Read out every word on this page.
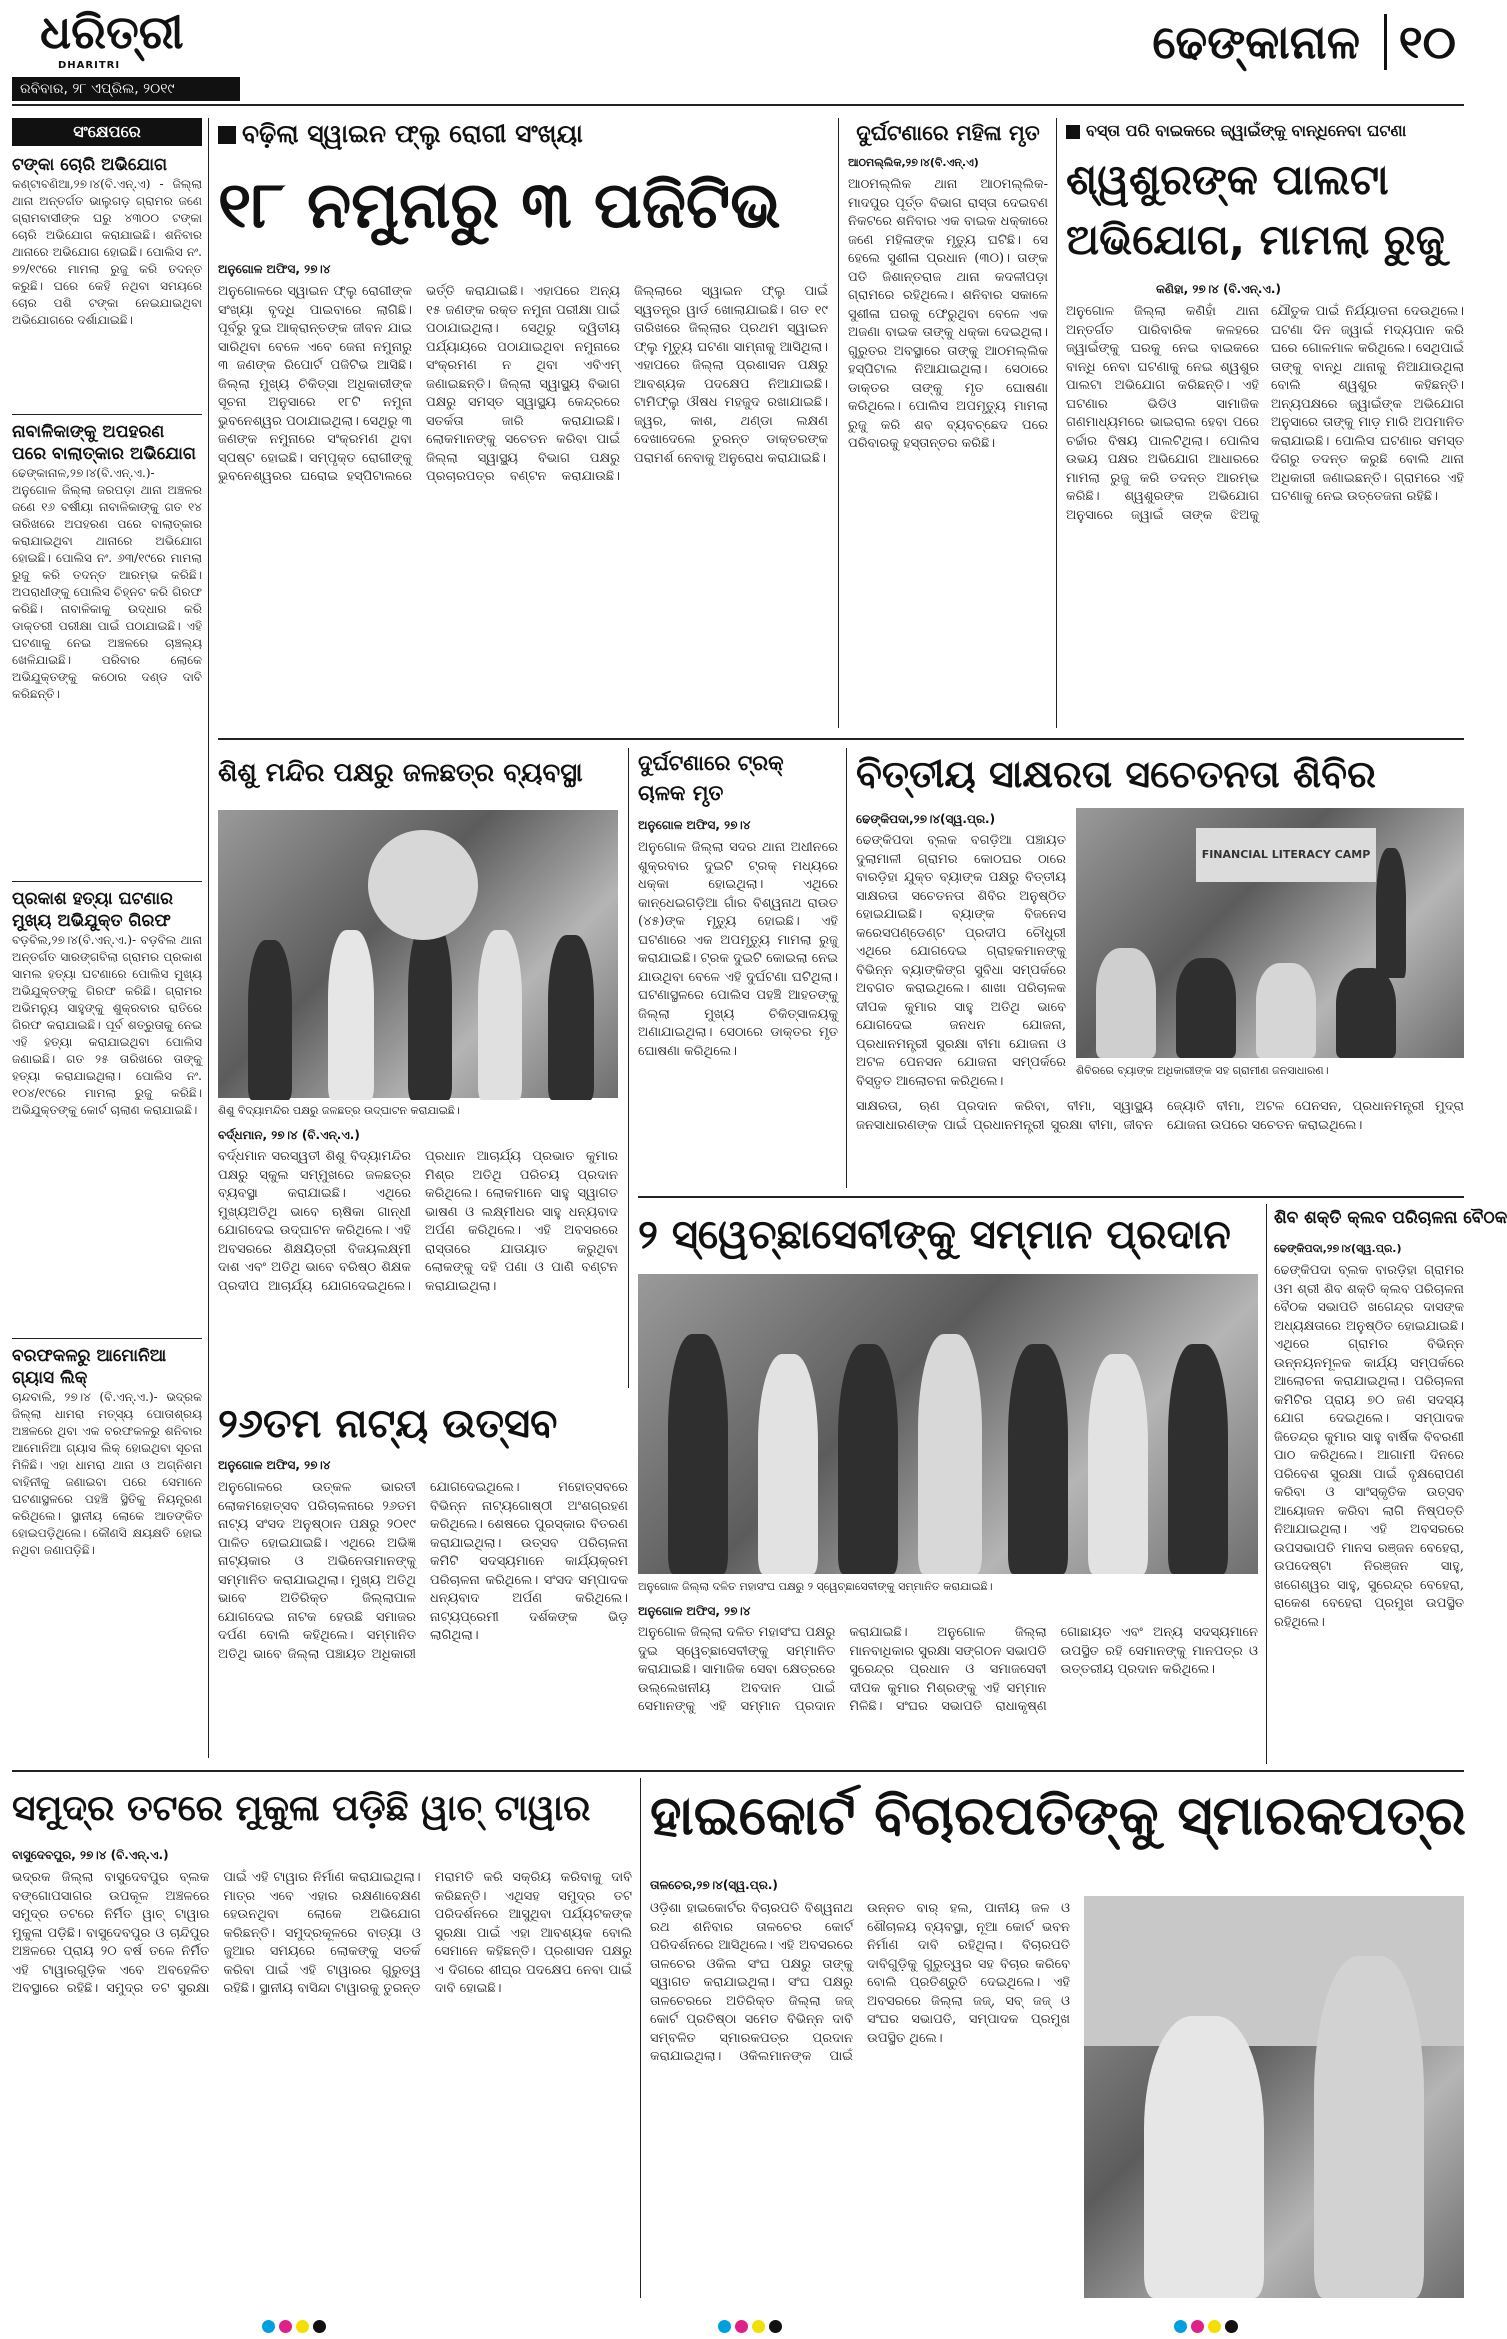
ଧରିତ୍ରୀ
DHARITRI
ରବିବାର, ୨୮ ଏପ୍ରିଲ, ୨୦୧୯
ଢେଙ୍କାନାଳ ୧୦
ସଂକ୍ଷେପରେ
ଟଙ୍କା ଚୋରି ଅଭିଯୋଗ
କଣ୍ଟାବଣିଆ,୨୭।୪(ବି.ଏନ୍.ଏ) - ଜିଲ୍ଲା ଥାନା ଅନ୍ତର୍ଗତ ଭାଲୁଗଡ଼ ଗ୍ରାମର ଜଣେ ଗ୍ରାମବାସୀଙ୍କ ଘରୁ ୪୩୦୦ ଟଙ୍କା ଚୋରି ଅଭିଯୋଗ କରାଯାଇଛି। ଶନିବାର ଥାନାରେ ଅଭିଯୋଗ ହୋଇଛି। ପୋଲିସ ନଂ. ୭୨/୧୯ରେ ମାମଲା ରୁଜୁ କରି ତଦନ୍ତ କରୁଛି। ଘରେ କେହି ନଥିବା ସମୟରେ ଚୋର ପଶି ଟଙ୍କା ନେଇଯାଇଥିବା ଅଭିଯୋଗରେ ଦର୍ଶାଯାଇଛି।
ନାବାଳିକାଙ୍କୁ ଅପହରଣ ପରେ ବାଲାତ୍କାର ଅଭିଯୋଗ
ଢେଙ୍କାନାଳ,୨୭।୪(ବି.ଏନ୍.ଏ.)- ଅନୁଗୋଳ ଜିଲ୍ଲା ଜରପଡ଼ା ଥାନା ଅଞ୍ଚଳର ଜଣେ ୧୬ ବର୍ଷୀୟା ନାବାଳିକାଙ୍କୁ ଗତ ୧୪ ତାରିଖରେ ଅପହରଣ ପରେ ବାଲାତ୍କାର କରାଯାଇଥିବା ଥାନାରେ ଅଭିଯୋଗ ହୋଇଛି। ପୋଲିସ ନଂ. ୬୩/୧୯ରେ ମାମଲା ରୁଜୁ କରି ତଦନ୍ତ ଆରମ୍ଭ କରିଛି। ଅପରାଧୀଙ୍କୁ ପୋଲିସ ଚିହ୍ନଟ କରି ଗିରଫ କରିଛି। ନାବାଳିକାକୁ ଉଦ୍ଧାର କରି ଡାକ୍ତରୀ ପରୀକ୍ଷା ପାଇଁ ପଠାଯାଇଛି। ଏହି ଘଟଣାକୁ ନେଇ ଅଞ୍ଚଳରେ ଚାଞ୍ଚଲ୍ୟ ଖେଳିଯାଇଛି। ପରିବାର ଲୋକେ ଅଭିଯୁକ୍ତଙ୍କୁ କଠୋର ଦଣ୍ଡ ଦାବି କରିଛନ୍ତି।
ପ୍ରକାଶ ହତ୍ୟା ଘଟଣାର ମୁଖ୍ୟ ଅଭିଯୁକ୍ତ ଗିରଫ
ବଡ଼ବିଲ,୨୭।୪(ବି.ଏନ୍.ଏ.)- ବଡ଼ବିଲ ଥାନା ଅନ୍ତର୍ଗତ ସାରଙ୍ଗବିଲା ଗ୍ରାମର ପ୍ରକାଶ ସାମଲ ହତ୍ୟା ଘଟଣାରେ ପୋଲିସ ମୁଖ୍ୟ ଅଭିଯୁକ୍ତଙ୍କୁ ଗିରଫ କରିଛି। ଗ୍ରାମର ଅଭିମନ୍ୟୁ ସାହୁଙ୍କୁ ଶୁକ୍ରବାର ରାତିରେ ଗିରଫ କରାଯାଇଛି। ପୂର୍ବ ଶତ୍ରୁତାକୁ ନେଇ ଏହି ହତ୍ୟା କରାଯାଇଥିବା ପୋଲିସ ଜଣାଇଛି। ଗତ ୨୫ ତାରିଖରେ ତାଙ୍କୁ ହତ୍ୟା କରାଯାଇଥିଲା। ପୋଲିସ ନଂ. ୧୦୪/୧୯ରେ ମାମଲା ରୁଜୁ କରିଛି। ଅଭିଯୁକ୍ତଙ୍କୁ କୋର୍ଟ ଚାଲାଣ କରାଯାଇଛି।
ବରଫକଳରୁ ଆମୋନିଆ ଗ୍ୟାସ ଲିକ୍
ଚାନ୍ଦବାଲି, ୨୭।୪ (ବି.ଏନ୍.ଏ.)- ଭଦ୍ରକ ଜିଲ୍ଲା ଧାମରା ମତ୍ସ୍ୟ ପୋତାଶ୍ରୟ ଅଞ୍ଚଳରେ ଥିବା ଏକ ବରଫକଳରୁ ଶନିବାର ଆମୋନିଆ ଗ୍ୟାସ ଲିକ୍ ହୋଇଥିବା ସୂଚନା ମିଳିଛି। ଏହା ଧାମରା ଥାନା ଓ ଅଗ୍ନିଶମ ବାହିନୀକୁ ଜଣାଇବା ପରେ ସେମାନେ ଘଟଣାସ୍ଥଳରେ ପହଞ୍ଚି ସ୍ଥିତିକୁ ନିୟନ୍ତ୍ରଣ କରିଥିଲେ। ସ୍ଥାନୀୟ ଲୋକେ ଆତଙ୍କିତ ହୋଇପଡ଼ିଥିଲେ। କୌଣସି କ୍ଷୟକ୍ଷତି ହୋଇ ନଥିବା ଜଣାପଡ଼ିଛି।
ବଢ଼ିଲା ସ୍ୱାଇନ ଫ୍ଲୁ ରୋଗୀ ସଂଖ୍ୟା
୧୮ ନମୁନାରୁ ୩ ପଜିଟିଭ
ଅନୁଗୋଳ ଅଫିସ, ୨୭।୪
ଅନୁଗୋଳରେ ସ୍ୱାଇନ ଫ୍ଲୁ ରୋଗୀଙ୍କ ସଂଖ୍ୟା ବୃଦ୍ଧି ପାଇବାରେ ଲାଗିଛି। ପୂର୍ବରୁ ଦୁଇ ଆକ୍ରାନ୍ତଙ୍କ ଜୀବନ ଯାଇ ସାରିଥିବା ବେଳେ ଏବେ ଜେନା ନମୁନାରୁ ୩ ଜଣଙ୍କ ରିପୋର୍ଟ ପଜିଟିଭ ଆସିଛି। ଜିଲ୍ଲା ମୁଖ୍ୟ ଚିକିତ୍ସା ଅଧିକାରୀଙ୍କ ସୂଚନା ଅନୁସାରେ ୧୮ଟି ନମୁନା ଭୁବନେଶ୍ୱର ପଠାଯାଇଥିଲା। ସେଥିରୁ ୩ ଜଣଙ୍କ ନମୁନାରେ ସଂକ୍ରମଣ ଥିବା ସ୍ପଷ୍ଟ ହୋଇଛି। ସମ୍ପୃକ୍ତ ରୋଗୀଙ୍କୁ ଭୁବନେଶ୍ୱରର ଘରୋଇ ହସ୍ପିଟାଲରେ ଭର୍ତ୍ତି କରାଯାଇଛି। ଏହାପରେ ଅନ୍ୟ ୧୫ ଜଣଙ୍କ ରକ୍ତ ନମୁନା ପରୀକ୍ଷା ପାଇଁ ପଠାଯାଇଥିଲା। ସେଥିରୁ ଦ୍ୱିତୀୟ ପର୍ଯ୍ୟାୟରେ ପଠାଯାଇଥିବା ନମୁନାରେ ସଂକ୍ରମଣ ନ ଥିବା ଏବିଏମ୍ ଜଣାଇଛନ୍ତି। ଜିଲ୍ଲା ସ୍ୱାସ୍ଥ୍ୟ ବିଭାଗ ପକ୍ଷରୁ ସମସ୍ତ ସ୍ୱାସ୍ଥ୍ୟ କେନ୍ଦ୍ରରେ ସତର୍କତା ଜାରି କରାଯାଇଛି। ଲୋକମାନଙ୍କୁ ସଚେତନ କରିବା ପାଇଁ ଜିଲ୍ଲା ସ୍ୱାସ୍ଥ୍ୟ ବିଭାଗ ପକ୍ଷରୁ ପ୍ରଚାରପତ୍ର ବଣ୍ଟନ କରାଯାଉଛି। ଜିଲ୍ଲାରେ ସ୍ୱାଇନ ଫ୍ଲୁ ପାଇଁ ସ୍ୱତନ୍ତ୍ର ୱାର୍ଡ ଖୋଲାଯାଇଛି। ଗତ ୧୯ ତାରିଖରେ ଜିଲ୍ଲାର ପ୍ରଥମ ସ୍ୱାଇନ ଫ୍ଲୁ ମୃତ୍ୟୁ ଘଟଣା ସାମ୍ନାକୁ ଆସିଥିଲା। ଏହାପରେ ଜିଲ୍ଲା ପ୍ରଶାସନ ପକ୍ଷରୁ ଆବଶ୍ୟକ ପଦକ୍ଷେପ ନିଆଯାଇଛି। ଟାମିଫ୍ଲୁ ଔଷଧ ମହଜୁଦ ରଖାଯାଇଛି। ଜ୍ୱର, କାଶ, ଥଣ୍ଡା ଲକ୍ଷଣ ଦେଖାଦେଲେ ତୁରନ୍ତ ଡାକ୍ତରଙ୍କ ପରାମର୍ଶ ନେବାକୁ ଅନୁରୋଧ କରାଯାଇଛି।
ଦୁର୍ଘଟଣାରେ ମହିଳା ମୃତ
ଆଠମଲ୍ଲିକ,୨୭।୪(ବି.ଏନ୍.ଏ)
ଆଠମଲ୍ଲିକ ଥାନା ଆଠମଲ୍ଲିକ-ମାଦପୁର ପୂର୍ତ୍ତ ବିଭାଗ ରାସ୍ତା ଦେଇବଣ ନିକଟରେ ଶନିବାର ଏକ ବାଇକ ଧକ୍କାରେ ଜଣେ ମହିଳାଙ୍କ ମୃତ୍ୟୁ ଘଟିଛି। ସେ ହେଲେ ସୁଶୀଳା ପ୍ରଧାନ (୩୦)। ତାଙ୍କ ପତି ଜିଶାନ୍ତରାଜ ଥାନା କଦଳୀପଡ଼ା ଗ୍ରାମରେ ରହିଥିଲେ। ଶନିବାର ସକାଳେ ସୁଶୀଳା ଘରକୁ ଫେରୁଥିବା ବେଳେ ଏକ ଅଜଣା ବାଇକ ତାଙ୍କୁ ଧକ୍କା ଦେଇଥିଲା। ଗୁରୁତର ଅବସ୍ଥାରେ ତାଙ୍କୁ ଆଠମଲ୍ଲିକ ହସ୍ପିଟାଲ ନିଆଯାଇଥିଲା। ସେଠାରେ ଡାକ୍ତର ତାଙ୍କୁ ମୃତ ଘୋଷଣା କରିଥିଲେ। ପୋଲିସ ଅପମୃତ୍ୟୁ ମାମଲା ରୁଜୁ କରି ଶବ ବ୍ୟବଚ୍ଛେଦ ପରେ ପରିବାରକୁ ହସ୍ତାନ୍ତର କରିଛି।
ବସ୍ତା ପରି ବାଇକରେ ଜ୍ୱାଇଁଙ୍କୁ ବାନ୍ଧିନେବା ଘଟଣା
ଶ୍ୱଶୁରଙ୍କ ପାଲଟା ଅଭିଯୋଗ, ମାମଲା ରୁଜୁ
କଣିହା, ୨୭।୪ (ବି.ଏନ୍.ଏ.)
ଅନୁଗୋଳ ଜିଲ୍ଲା କଣିହାଁ ଥାନା ଅନ୍ତର୍ଗତ ପାରିବାରିକ କଳହରେ ଜ୍ୱାଇଁଙ୍କୁ ଘରକୁ ନେଇ ବାଇକରେ ବାନ୍ଧି ନେବା ଘଟଣାକୁ ନେଇ ଶ୍ୱଶୁର ପାଲଟା ଅଭିଯୋଗ କରିଛନ୍ତି। ଏହି ଘଟଣାର ଭିଡିଓ ସାମାଜିକ ଗଣମାଧ୍ୟମରେ ଭାଇରାଲ ହେବା ପରେ ଚର୍ଚ୍ଚାର ବିଷୟ ପାଲଟିଥିଲା। ପୋଲିସ ଉଭୟ ପକ୍ଷର ଅଭିଯୋଗ ଆଧାରରେ ମାମଲା ରୁଜୁ କରି ତଦନ୍ତ ଆରମ୍ଭ କରିଛି। ଶ୍ୱଶୁରଙ୍କ ଅଭିଯୋଗ ଅନୁସାରେ ଜ୍ୱାଇଁ ତାଙ୍କ ଝିଅକୁ ଯୌତୁକ ପାଇଁ ନିର୍ଯ୍ୟାତନା ଦେଉଥିଲେ। ଘଟଣା ଦିନ ଜ୍ୱାଇଁ ମଦ୍ୟପାନ କରି ଘରେ ଗୋଳମାଳ କରିଥିଲେ। ସେଥିପାଇଁ ତାଙ୍କୁ ବାନ୍ଧି ଥାନାକୁ ନିଆଯାଉଥିଲା ବୋଲି ଶ୍ୱଶୁର କହିଛନ୍ତି। ଅନ୍ୟପକ୍ଷରେ ଜ୍ୱାଇଁଙ୍କ ଅଭିଯୋଗ ଅନୁସାରେ ତାଙ୍କୁ ମାଡ଼ ମାରି ଅପମାନିତ କରାଯାଇଛି। ପୋଲିସ ଘଟଣାର ସମସ୍ତ ଦିଗରୁ ତଦନ୍ତ କରୁଛି ବୋଲି ଥାନା ଅଧିକାରୀ ଜଣାଇଛନ୍ତି। ଗ୍ରାମରେ ଏହି ଘଟଣାକୁ ନେଇ ଉତ୍ତେଜନା ରହିଛି।
ଶିଶୁ ମନ୍ଦିର ପକ୍ଷରୁ ଜଳଛତ୍ର ବ୍ୟବସ୍ଥା
ଶିଶୁ ବିଦ୍ୟାମନ୍ଦିର ପକ୍ଷରୁ ଜଳଛତ୍ର ଉଦ୍‌ଘାଟନ କରାଯାଇଛି।
ବର୍ଦ୍ଧମାନ, ୨୭।୪ (ବି.ଏନ୍.ଏ.)
ବର୍ଦ୍ଧମାନ ସରସ୍ୱତୀ ଶିଶୁ ବିଦ୍ୟାମନ୍ଦିର ପକ୍ଷରୁ ସ୍କୁଲ ସମ୍ମୁଖରେ ଜଳଛତ୍ର ବ୍ୟବସ୍ଥା କରାଯାଇଛି। ଏଥିରେ ମୁଖ୍ୟଅତିଥି ଭାବେ ଋଷିକା ଗାନ୍ଧୀ ଯୋଗଦେଇ ଉଦ୍‌ଘାଟନ କରିଥିଲେ। ଏହି ଅବସରରେ ଶିକ୍ଷୟିତ୍ରୀ ବିଜୟଲକ୍ଷ୍ମୀ ଦାଶ ଏବଂ ଅତିଥି ଭାବେ ବରିଷ୍ଠ ଶିକ୍ଷକ ପ୍ରଦୀପ ଆଚାର୍ଯ୍ୟ ଯୋଗଦେଇଥିଲେ। ପ୍ରଧାନ ଆଚାର୍ଯ୍ୟ ପ୍ରଭାତ କୁମାର ମିଶ୍ର ଅତିଥି ପରିଚୟ ପ୍ରଦାନ କରିଥିଲେ। ଲୋକମାନେ ସାହୁ ସ୍ୱାଗତ ଭାଷଣ ଓ ଲକ୍ଷ୍ମୀଧର ସାହୁ ଧନ୍ୟବାଦ ଅର୍ପଣ କରିଥିଲେ। ଏହି ଅବସରରେ ରାସ୍ତାରେ ଯାତାୟାତ କରୁଥିବା ଲୋକଙ୍କୁ ଦହି ପଣା ଓ ପାଣି ବଣ୍ଟନ କରାଯାଇଥିଲା।
ଦୁର୍ଘଟଣାରେ ଟ୍ରକ୍ ଚାଳକ ମୃତ
ଅନୁଗୋଳ ଅଫିସ, ୨୭।୪
ଅନୁଗୋଳ ଜିଲ୍ଲା ସଦର ଥାନା ଅଧୀନରେ ଶୁକ୍ରବାର ଦୁଇଟି ଟ୍ରକ୍ ମଧ୍ୟରେ ଧକ୍କା ହୋଇଥିଲା। ଏଥିରେ କାନ୍ଧେଇଗଡ଼ିଆ ଗାଁର ବିଶ୍ୱନାଥ ରାଉତ (୪୫)ଙ୍କ ମୃତ୍ୟୁ ହୋଇଛି। ଏହି ଘଟଣାରେ ଏକ ଅପମୃତ୍ୟୁ ମାମଲା ରୁଜୁ କରାଯାଇଛି। ଟ୍ରକ ଦୁଇଟି କୋଇଲା ନେଇ ଯାଉଥିବା ବେଳେ ଏହି ଦୁର୍ଘଟଣା ଘଟିଥିଲା। ଘଟଣାସ୍ଥଳରେ ପୋଲିସ ପହଞ୍ଚି ଆହତଙ୍କୁ ଜିଲ୍ଲା ମୁଖ୍ୟ ଚିକିତ୍ସାଳୟକୁ ଅଣାଯାଇଥିଲା। ସେଠାରେ ଡାକ୍ତର ମୃତ ଘୋଷଣା କରିଥିଲେ।
ବିତ୍ତୀୟ ସାକ୍ଷରତା ସଚେତନତା ଶିବିର
ଢେଙ୍କିପଦା,୨୭।୪(ସ୍ୱ.ପ୍ର.)
ଢେଙ୍କିପଦା ବ୍ଲକ ବଗଡ଼ିଆ ପଞ୍ଚାୟତ ଦୁଲାମାଳୀ ଗ୍ରାମର କୋଠଘର ଠାରେ ବାରଡ଼ିହା ଯୁକ୍ତ ବ୍ୟାଙ୍କ ପକ୍ଷରୁ ବିତ୍ତୀୟ ସାକ୍ଷରତା ସଚେତନତା ଶିବିର ଅନୁଷ୍ଠିତ ହୋଇଯାଇଛି। ବ୍ୟାଙ୍କ ବିଜନେସ କରେସପଣ୍ଡେଣ୍ଟ ପ୍ରଦୀପ ଚୌଧୁରୀ ଏଥିରେ ଯୋଗଦେଇ ଗ୍ରାହକମାନଙ୍କୁ ବିଭିନ୍ନ ବ୍ୟାଙ୍କିଙ୍ଗ ସୁବିଧା ସମ୍ପର୍କରେ ଅବଗତ କରାଇଥିଲେ। ଶାଖା ପରିଚାଳକ ଦୀପକ କୁମାର ସାହୁ ଅତିଥି ଭାବେ ଯୋଗଦେଇ ଜନଧନ ଯୋଜନା, ପ୍ରଧାନମନ୍ତ୍ରୀ ସୁରକ୍ଷା ବୀମା ଯୋଜନା ଓ ଅଟଳ ପେନସନ ଯୋଜନା ସମ୍ପର୍କରେ ବିସ୍ତୃତ ଆଲୋଚନା କରିଥିଲେ।
FINANCIAL LITERACY CAMP
ଶିବିରରେ ବ୍ୟାଙ୍କ ଅଧିକାରୀଙ୍କ ସହ ଗ୍ରାମୀଣ ଜନସାଧାରଣ।
ସାକ୍ଷରତା, ଋଣ ପ୍ରଦାନ କରିବା, ବୀମା, ସ୍ୱାସ୍ଥ୍ୟ ଜନସାଧାରଣଙ୍କ ପାଇଁ ପ୍ରଧାନମନ୍ତ୍ରୀ ସୁରକ୍ଷା ବୀମା, ଜୀବନ ଜ୍ୟୋତି ବୀମା, ଅଟଳ ପେନସନ, ପ୍ରଧାନମନ୍ତ୍ରୀ ମୁଦ୍ରା ଯୋଜନା ଉପରେ ସଚେତନ କରାଇଥିଲେ।
୨ ସ୍ୱେଚ୍ଛାସେବୀଙ୍କୁ ସମ୍ମାନ ପ୍ରଦାନ
ଅନୁଗୋଳ ଜିଲ୍ଲା ଦଳିତ ମହାସଂଘ ପକ୍ଷରୁ ୨ ସ୍ୱେଚ୍ଛାସେବୀଙ୍କୁ ସମ୍ମାନିତ କରାଯାଇଛି।
ଅନୁଗୋଳ ଅଫିସ, ୨୭।୪
ଅନୁଗୋଳ ଜିଲ୍ଲା ଦଳିତ ମହାସଂଘ ପକ୍ଷରୁ ଦୁଇ ସ୍ୱେଚ୍ଛାସେବୀଙ୍କୁ ସମ୍ମାନିତ କରାଯାଇଛି। ସାମାଜିକ ସେବା କ୍ଷେତ୍ରରେ ଉଲ୍ଲେଖନୀୟ ଅବଦାନ ପାଇଁ ସେମାନଙ୍କୁ ଏହି ସମ୍ମାନ ପ୍ରଦାନ କରାଯାଇଛି। ଅନୁଗୋଳ ଜିଲ୍ଲା ମାନବାଧିକାର ସୁରକ୍ଷା ସଙ୍ଗଠନ ସଭାପତି ସୁରେନ୍ଦ୍ର ପ୍ରଧାନ ଓ ସମାଜସେବୀ ଦୀପକ କୁମାର ମିଶ୍ରଙ୍କୁ ଏହି ସମ୍ମାନ ମିଳିଛି। ସଂଘର ସଭାପତି ରାଧାକୃଷ୍ଣ ଗୋଛାୟତ ଏବଂ ଅନ୍ୟ ସଦସ୍ୟମାନେ ଉପସ୍ଥିତ ରହି ସେମାନଙ୍କୁ ମାନପତ୍ର ଓ ଉତ୍ତରୀୟ ପ୍ରଦାନ କରିଥିଲେ।
ଶିବ ଶକ୍ତି କ୍ଲବ ପରିଚାଳନା ବୈଠକ
ଢେଙ୍କିପଦା,୨୭।୪(ସ୍ୱ.ପ୍ର.)
ଢେଙ୍କିପଦା ବ୍ଲକ ବାରଡ଼ିହା ଗ୍ରାମର ଓମ ଶ୍ରୀ ଶିବ ଶକ୍ତି କ୍ଲବ ପରିଚାଳନା ବୈଠକ ସଭାପତି ଖଗେନ୍ଦ୍ର ଦାସଙ୍କ ଅଧ୍ୟକ୍ଷତାରେ ଅନୁଷ୍ଠିତ ହୋଇଯାଇଛି। ଏଥିରେ ଗ୍ରାମର ବିଭିନ୍ନ ଉନ୍ନୟନମୂଳକ କାର୍ଯ୍ୟ ସମ୍ପର୍କରେ ଆଲୋଚନା କରାଯାଇଥିଲା। ପରିଚାଳନା କମିଟିର ପ୍ରାୟ ୭୦ ଜଣ ସଦସ୍ୟ ଯୋଗ ଦେଇଥିଲେ। ସମ୍ପାଦକ ଜିତେନ୍ଦ୍ର କୁମାର ସାହୁ ବାର୍ଷିକ ବିବରଣୀ ପାଠ କରିଥିଲେ। ଆଗାମୀ ଦିନରେ ପରିବେଶ ସୁରକ୍ଷା ପାଇଁ ବୃକ୍ଷରୋପଣ କରିବା ଓ ସାଂସ୍କୃତିକ ଉତ୍ସବ ଆୟୋଜନ କରିବା ଲାଗି ନିଷ୍ପତ୍ତି ନିଆଯାଇଥିଲା। ଏହି ଅବସରରେ ଉପସଭାପତି ମାନସ ରଞ୍ଜନ ବେହେରା, ଉପଦେଷ୍ଟା ନିରଞ୍ଜନ ସାହୁ, ଖଗେଶ୍ୱର ସାହୁ, ସୁରେନ୍ଦ୍ର ବେହେରା, ରାକେଶ ବେହେରା ପ୍ରମୁଖ ଉପସ୍ଥିତ ରହିଥିଲେ।
୨୬ତମ ନାଟ୍ୟ ଉତ୍ସବ
ଅନୁଗୋଳ ଅଫିସ, ୨୭।୪
ଅନୁଗୋଳରେ ଉତ୍କଳ ଭାରତୀ ଲୋକମହୋତ୍ସବ ପରିଚାଳନାରେ ୨୬ତମ ନାଟ୍ୟ ସଂସଦ ଅନୁଷ୍ଠାନ ପକ୍ଷରୁ ୨୦୧୯ ପାଳିତ ହୋଇଯାଇଛି। ଏଥିରେ ଅଭିଜ୍ଞ ନାଟ୍ୟକାର ଓ ଅଭିନେତାମାନଙ୍କୁ ସମ୍ମାନିତ କରାଯାଇଥିଲା। ମୁଖ୍ୟ ଅତିଥି ଭାବେ ଅତିରିକ୍ତ ଜିଲ୍ଲାପାଳ ଯୋଗଦେଇ ନାଟକ ହେଉଛି ସମାଜର ଦର୍ପଣ ବୋଲି କହିଥିଲେ। ସମ୍ମାନିତ ଅତିଥି ଭାବେ ଜିଲ୍ଲା ପଞ୍ଚାୟତ ଅଧିକାରୀ ଯୋଗଦେଇଥିଲେ। ମହୋତ୍ସବରେ ବିଭିନ୍ନ ନାଟ୍ୟଗୋଷ୍ଠୀ ଅଂଶଗ୍ରହଣ କରିଥିଲେ। ଶେଷରେ ପୁରସ୍କାର ବିତରଣ କରାଯାଇଥିଲା। ଉତ୍ସବ ପରିଚାଳନା କମିଟି ସଦସ୍ୟମାନେ କାର୍ଯ୍ୟକ୍ରମ ପରିଚାଳନା କରିଥିଲେ। ସଂସଦ ସମ୍ପାଦକ ଧନ୍ୟବାଦ ଅର୍ପଣ କରିଥିଲେ। ନାଟ୍ୟପ୍ରେମୀ ଦର୍ଶକଙ୍କ ଭିଡ଼ ଲାଗିଥିଲା।
ସମୁଦ୍ର ତଟରେ ମୁକୁଳା ପଡ଼ିଛି ୱାଚ୍ ଟାୱାର
ବାସୁଦେବପୁର, ୨୭।୪ (ବି.ଏନ୍.ଏ.)
ଭଦ୍ରକ ଜିଲ୍ଲା ବାସୁଦେବପୁର ବ୍ଲକ ବଙ୍ଗୋପସାଗର ଉପକୂଳ ଅଞ୍ଚଳରେ ସମୁଦ୍ର ତଟରେ ନିର୍ମିତ ୱାଚ୍ ଟାୱାର ମୁକୁଳା ପଡ଼ିଛି। ବାସୁଦେବପୁର ଓ ଚାନ୍ଦିପୁର ଅଞ୍ଚଳରେ ପ୍ରାୟ ୨୦ ବର୍ଷ ତଳେ ନିର୍ମିତ ଏହି ଟାୱାରଗୁଡ଼ିକ ଏବେ ଅବହେଳିତ ଅବସ୍ଥାରେ ରହିଛି। ସମୁଦ୍ର ତଟ ସୁରକ୍ଷା ପାଇଁ ଏହି ଟାୱାର ନିର୍ମାଣ କରାଯାଇଥିଲା। ମାତ୍ର ଏବେ ଏହାର ରକ୍ଷଣାବେକ୍ଷଣ ହେଉନଥିବା ଲୋକେ ଅଭିଯୋଗ କରିଛନ୍ତି। ସମୁଦ୍ରକୂଳରେ ବାତ୍ୟା ଓ ଜୁଆର ସମୟରେ ଲୋକଙ୍କୁ ସତର୍କ କରିବା ପାଇଁ ଏହି ଟାୱାରର ଗୁରୁତ୍ୱ ରହିଛି। ସ୍ଥାନୀୟ ବାସିନ୍ଦା ଟାୱାରକୁ ତୁରନ୍ତ ମରାମତି କରି ସକ୍ରିୟ କରିବାକୁ ଦାବି କରିଛନ୍ତି। ଏଥିସହ ସମୁଦ୍ର ତଟ ପରିଦର୍ଶନରେ ଆସୁଥିବା ପର୍ଯ୍ୟଟକଙ୍କ ସୁରକ୍ଷା ପାଇଁ ଏହା ଆବଶ୍ୟକ ବୋଲି ସେମାନେ କହିଛନ୍ତି। ପ୍ରଶାସନ ପକ୍ଷରୁ ଏ ଦିଗରେ ଶୀଘ୍ର ପଦକ୍ଷେପ ନେବା ପାଇଁ ଦାବି ହୋଇଛି।
ହାଇକୋର୍ଟ ବିଚାରପତିଙ୍କୁ ସ୍ମାରକପତ୍ର
ତାଳଚେର,୨୭।୪(ସ୍ୱ.ପ୍ର.)
ଓଡ଼ିଶା ହାଇକୋର୍ଟର ବିଚାରପତି ବିଶ୍ୱନାଥ ରଥ ଶନିବାର ତାଳଚେର କୋର୍ଟ ପରିଦର୍ଶନରେ ଆସିଥିଲେ। ଏହି ଅବସରରେ ତାଳଚେର ଓକିଲ ସଂଘ ପକ୍ଷରୁ ତାଙ୍କୁ ସ୍ୱାଗତ କରାଯାଇଥିଲା। ସଂଘ ପକ୍ଷରୁ ତାଳଚେରରେ ଅତିରିକ୍ତ ଜିଲ୍ଲା ଜଜ୍ କୋର୍ଟ ପ୍ରତିଷ୍ଠା ସମେତ ବିଭିନ୍ନ ଦାବି ସମ୍ବଳିତ ସ୍ମାରକପତ୍ର ପ୍ରଦାନ କରାଯାଇଥିଲା। ଓକିଲମାନଙ୍କ ପାଇଁ ଉନ୍ନତ ବାର୍ ହଲ, ପାନୀୟ ଜଳ ଓ ଶୌଚାଳୟ ବ୍ୟବସ୍ଥା, ନୂଆ କୋର୍ଟ ଭବନ ନିର୍ମାଣ ଦାବି ରହିଥିଲା। ବିଚାରପତି ଦାବିଗୁଡ଼ିକୁ ଗୁରୁତ୍ୱର ସହ ବିଚାର କରିବେ ବୋଲି ପ୍ରତିଶ୍ରୁତି ଦେଇଥିଲେ। ଏହି ଅବସରରେ ଜିଲ୍ଲା ଜଜ୍, ସବ୍ ଜଜ୍ ଓ ସଂଘର ସଭାପତି, ସମ୍ପାଦକ ପ୍ରମୁଖ ଉପସ୍ଥିତ ଥିଲେ।
